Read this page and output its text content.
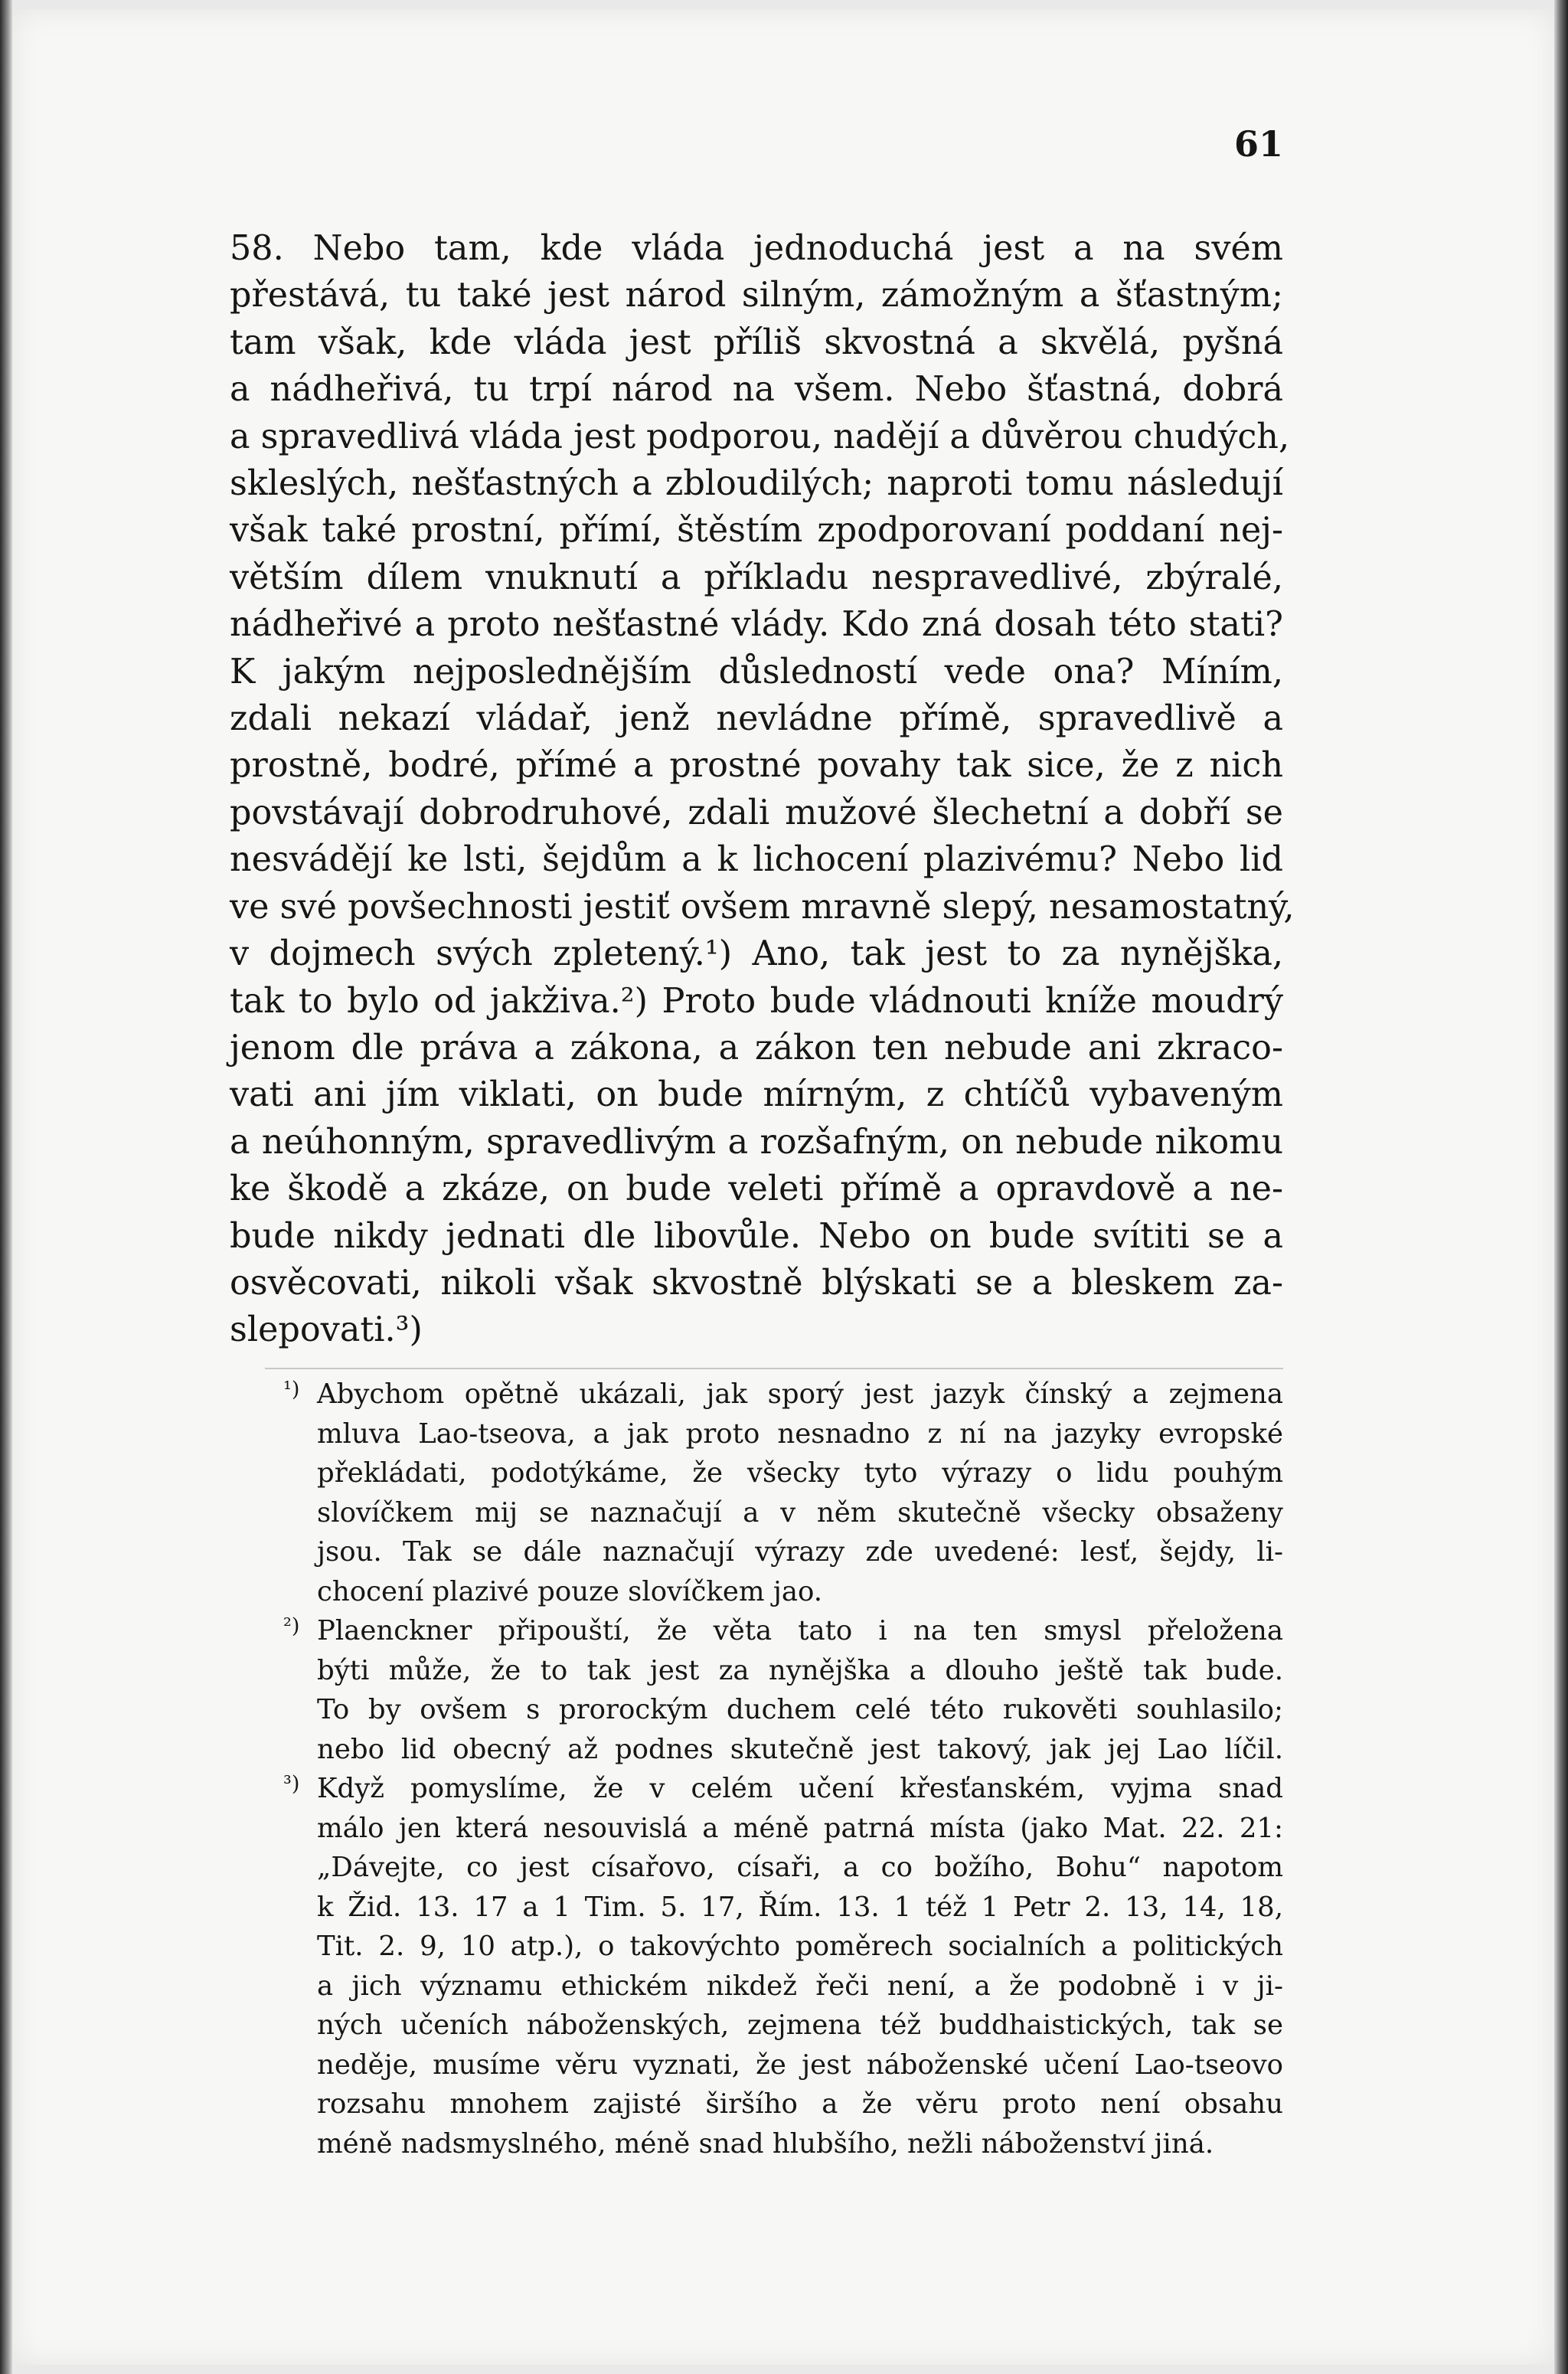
61
58. Nebo tam, kde vláda jednoduchá jest a na svém
přestává, tu také jest národ silným, zámožným a šťastným;
tam však, kde vláda jest příliš skvostná a skvělá, pyšná
a nádheřivá, tu trpí národ na všem. Nebo šťastná, dobrá
a spravedlivá vláda jest podporou, nadějí a důvěrou chudých,
skleslých, nešťastných a zbloudilých; naproti tomu následují
však také prostní, přímí, štěstím zpodporovaní poddaní nej-
větším dílem vnuknutí a příkladu nespravedlivé, zbýralé,
nádheřivé a proto nešťastné vlády. Kdo zná dosah této stati?
K jakým nejposlednějším důsledností vede ona? Míním,
zdali nekazí vládař, jenž nevládne přímě, spravedlivě a
prostně, bodré, přímé a prostné povahy tak sice, že z nich
povstávají dobrodruhové, zdali mužové šlechetní a dobří se
nesvádějí ke lsti, šejdům a k lichocení plazivému? Nebo lid
ve své povšechnosti jestiť ovšem mravně slepý, nesamostatný,
v dojmech svých zpletený.¹) Ano, tak jest to za nynějška,
tak to bylo od jakživa.²) Proto bude vládnouti kníže moudrý
jenom dle práva a zákona, a zákon ten nebude ani zkraco-
vati ani jím viklati, on bude mírným, z chtíčů vybaveným
a neúhonným, spravedlivým a rozšafným, on nebude nikomu
ke škodě a zkáze, on bude veleti přímě a opravdově a ne-
bude nikdy jednati dle libovůle. Nebo on bude svítiti se a
osvěcovati, nikoli však skvostně blýskati se a bleskem za-
slepovati.³)
¹) Abychom opětně ukázali, jak sporý jest jazyk čínský a zejmena
mluva Lao-tseova, a jak proto nesnadno z ní na jazyky evropské
překládati, podotýkáme, že všecky tyto výrazy o lidu pouhým
slovíčkem mij se naznačují a v něm skutečně všecky obsaženy
jsou. Tak se dále naznačují výrazy zde uvedené: lesť, šejdy, li-
chocení plazivé pouze slovíčkem jao.
²) Plaenckner připouští, že věta tato i na ten smysl přeložena
býti může, že to tak jest za nynějška a dlouho ještě tak bude.
To by ovšem s prorockým duchem celé této rukověti souhlasilo;
nebo lid obecný až podnes skutečně jest takový, jak jej Lao líčil.
³) Když pomyslíme, že v celém učení křesťanském, vyjma snad
málo jen která nesouvislá a méně patrná místa (jako Mat. 22. 21:
„Dávejte, co jest císařovo, císaři, a co božího, Bohu“ napotom
k Žid. 13. 17 a 1 Tim. 5. 17, Řím. 13. 1 též 1 Petr 2. 13, 14, 18,
Tit. 2. 9, 10 atp.), o takovýchto poměrech socialních a politických
a jich významu ethickém nikdež řeči není, a že podobně i v ji-
ných učeních náboženských, zejmena též buddhaistických, tak se
neděje, musíme věru vyznati, že jest náboženské učení Lao-tseovo
rozsahu mnohem zajisté širšího a že věru proto není obsahu
méně nadsmyslného, méně snad hlubšího, nežli náboženství jiná.
